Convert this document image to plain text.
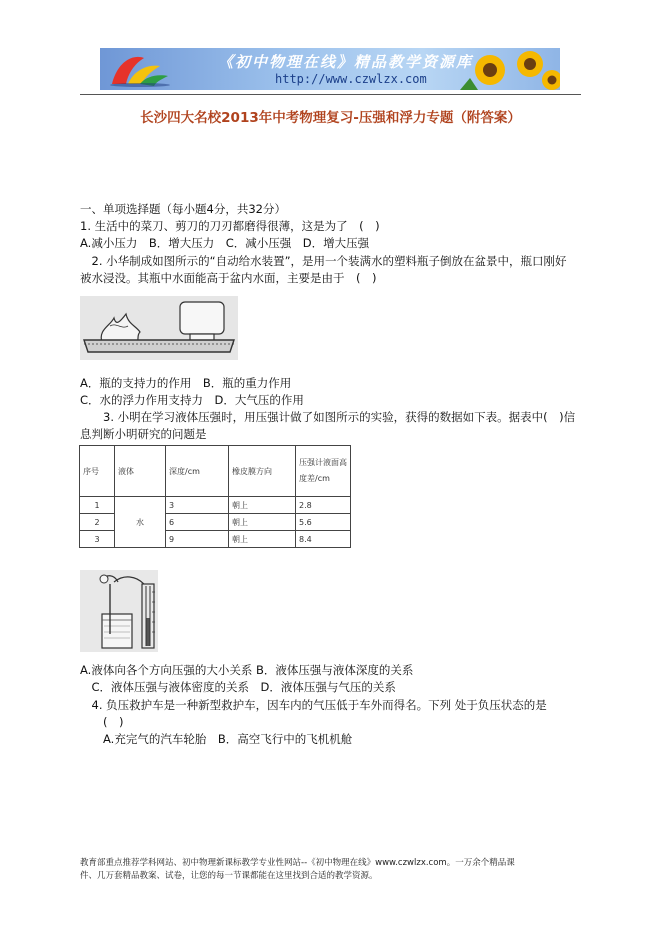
《初中物理在线》精品教学资源库
http://www.czwlzx.com
长沙四大名校2013年中考物理复习-压强和浮力专题（附答案）
一、单项选择题（每小题4分，共32分）
1. 生活中的菜刀、剪刀的刀刃都磨得很薄，这是为了　(　)
A.减小压力　B．增大压力　C．减小压强　D．增大压强
　2. 小华制成如图所示的“自动给水装置”，是用一个装满水的塑料瓶子倒放在盆景中，瓶口刚好
被水浸没。其瓶中水面能高于盆内水面，主要是由于　(　)
A．瓶的支持力的作用　B．瓶的重力作用
C．水的浮力作用支持力　D．大气压的作用
　　3. 小明在学习液体压强时，用压强计做了如图所示的实验，获得的数据如下表。据表中(　)信
息判断小明研究的问题是
序号	液体	深度/cm	橡皮膜方向	压强计液面高度差/cm
1	水	3	朝上	2.8
2		6	朝上	5.6
3		9	朝上	8.4
A.液体向各个方向压强的大小关系 B．液体压强与液体深度的关系
　C．液体压强与液体密度的关系　D．液体压强与气压的关系
　4. 负压救护车是一种新型救护车，因车内的气压低于车外而得名。下列 处于负压状态的是
　　(　)
　　A.充完气的汽车轮胎　B．高空飞行中的飞机机舱
教育部重点推荐学科网站、初中物理新课标教学专业性网站--《初中物理在线》www.czwlzx.com。一万余个精品课
件、几万套精品教案、试卷，让您的每一节课都能在这里找到合适的教学资源。
